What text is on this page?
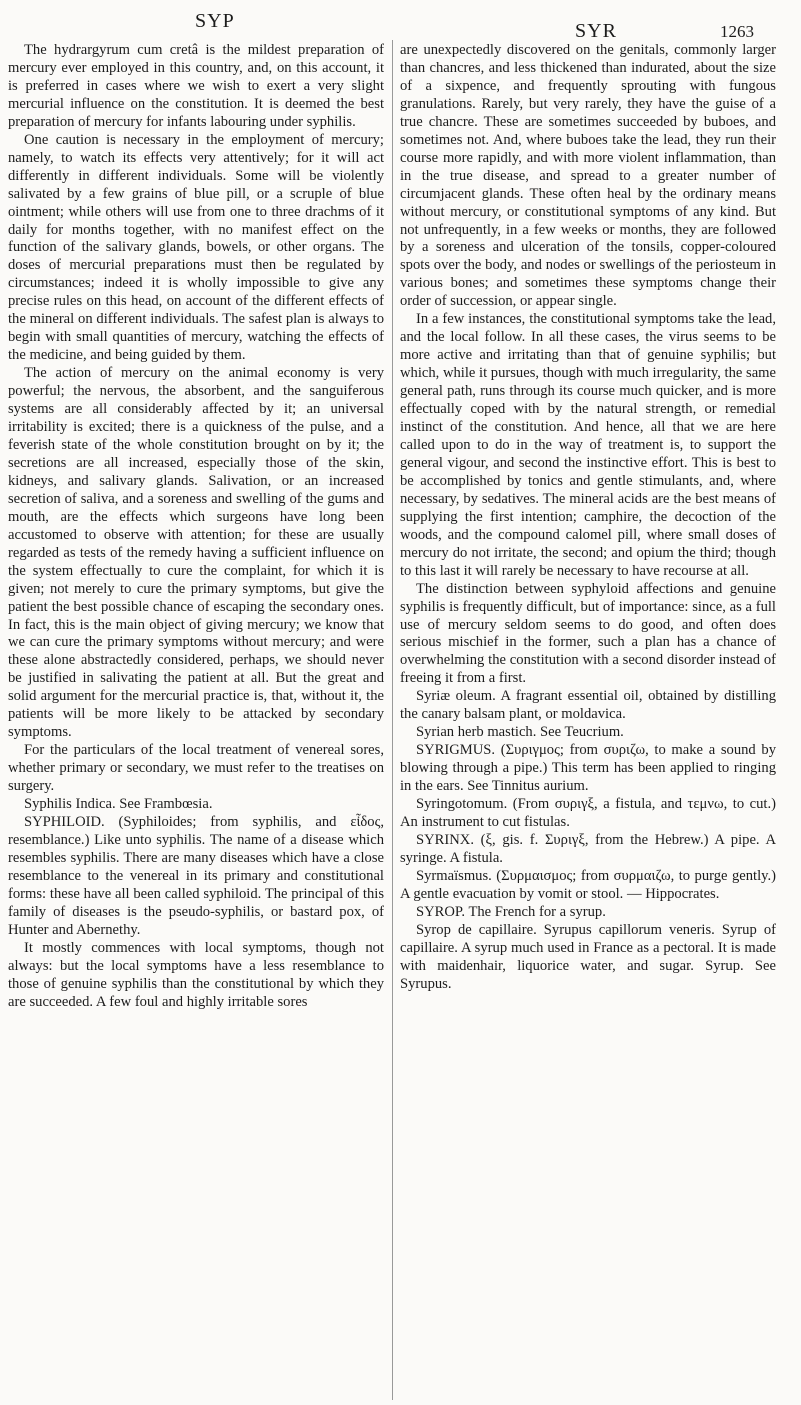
SYP	SYR	1263

The hydrargyrum cum cretâ is the mildest preparation of mercury ever employed in this country, and, on this account, it is preferred in cases where we wish to exert a very slight mercurial influence on the constitution. It is deemed the best preparation of mercury for infants labouring under syphilis.

One caution is necessary in the employment of mercury; namely, to watch its effects very attentively; for it will act differently in different individuals. Some will be violently salivated by a few grains of blue pill, or a scruple of blue ointment; while others will use from one to three drachms of it daily for months together, with no manifest effect on the function of the salivary glands, bowels, or other organs. The doses of mercurial preparations must then be regulated by circumstances; indeed it is wholly impossible to give any precise rules on this head, on account of the different effects of the mineral on different individuals. The safest plan is always to begin with small quantities of mercury, watching the effects of the medicine, and being guided by them.

The action of mercury on the animal economy is very powerful; the nervous, the absorbent, and the sanguiferous systems are all considerably affected by it; an universal irritability is excited; there is a quickness of the pulse, and a feverish state of the whole constitution brought on by it; the secretions are all increased, especially those of the skin, kidneys, and salivary glands. Salivation, or an increased secretion of saliva, and a soreness and swelling of the gums and mouth, are the effects which surgeons have long been accustomed to observe with attention; for these are usually regarded as tests of the remedy having a sufficient influence on the system effectually to cure the complaint, for which it is given; not merely to cure the primary symptoms, but give the patient the best possible chance of escaping the secondary ones. In fact, this is the main object of giving mercury; we know that we can cure the primary symptoms without mercury; and were these alone abstractedly considered, perhaps, we should never be justified in salivating the patient at all. But the great and solid argument for the mercurial practice is, that, without it, the patients will be more likely to be attacked by secondary symptoms.

For the particulars of the local treatment of venereal sores, whether primary or secondary, we must refer to the treatises on surgery.

Syphilis Indica. See Frambœsia.

SYPHILOID. (Syphiloides; from syphilis, and εἶδος, resemblance.) Like unto syphilis. The name of a disease which resembles syphilis. There are many diseases which have a close resemblance to the venereal in its primary and constitutional forms: these have all been called syphiloid. The principal of this family of diseases is the pseudo-syphilis, or bastard pox, of Hunter and Abernethy.

It mostly commences with local symptoms, though not always: but the local symptoms have a less resemblance to those of genuine syphilis than the constitutional by which they are succeeded. A few foul and highly irritable sores

are unexpectedly discovered on the genitals, commonly larger than chancres, and less thickened than indurated, about the size of a sixpence, and frequently sprouting with fungous granulations. Rarely, but very rarely, they have the guise of a true chancre. These are sometimes succeeded by buboes, and sometimes not. And, where buboes take the lead, they run their course more rapidly, and with more violent inflammation, than in the true disease, and spread to a greater number of circumjacent glands. These often heal by the ordinary means without mercury, or constitutional symptoms of any kind. But not unfrequently, in a few weeks or months, they are followed by a soreness and ulceration of the tonsils, copper-coloured spots over the body, and nodes or swellings of the periosteum in various bones; and sometimes these symptoms change their order of succession, or appear single.

In a few instances, the constitutional symptoms take the lead, and the local follow. In all these cases, the virus seems to be more active and irritating than that of genuine syphilis; but which, while it pursues, though with much irregularity, the same general path, runs through its course much quicker, and is more effectually coped with by the natural strength, or remedial instinct of the constitution. And hence, all that we are here called upon to do in the way of treatment is, to support the general vigour, and second the instinctive effort. This is best to be accomplished by tonics and gentle stimulants, and, where necessary, by sedatives. The mineral acids are the best means of supplying the first intention; camphire, the decoction of the woods, and the compound calomel pill, where small doses of mercury do not irritate, the second; and opium the third; though to this last it will rarely be necessary to have recourse at all.

The distinction between syphyloid affections and genuine syphilis is frequently difficult, but of importance: since, as a full use of mercury seldom seems to do good, and often does serious mischief in the former, such a plan has a chance of overwhelming the constitution with a second disorder instead of freeing it from a first.

Syriæ oleum. A fragrant essential oil, obtained by distilling the canary balsam plant, or moldavica.

Syrian herb mastich. See Teucrium.

SYRIGMUS. (Συριγμος; from συριζω, to make a sound by blowing through a pipe.) This term has been applied to ringing in the ears. See Tinnitus aurium.

Syringotomum. (From συριγξ, a fistula, and τεμνω, to cut.) An instrument to cut fistulas.

SYRINX. (ξ, gis. f. Συριγξ, from the Hebrew.) A pipe. A syringe. A fistula.

Syrmaïsmus. (Συρμαισμος; from συρμαιζω, to purge gently.) A gentle evacuation by vomit or stool. — Hippocrates.

SYROP. The French for a syrup.

Syrop de capillaire. Syrupus capillorum veneris. Syrup of capillaire. A syrup much used in France as a pectoral. It is made with maidenhair, liquorice water, and sugar. Syrup. See Syrupus.
